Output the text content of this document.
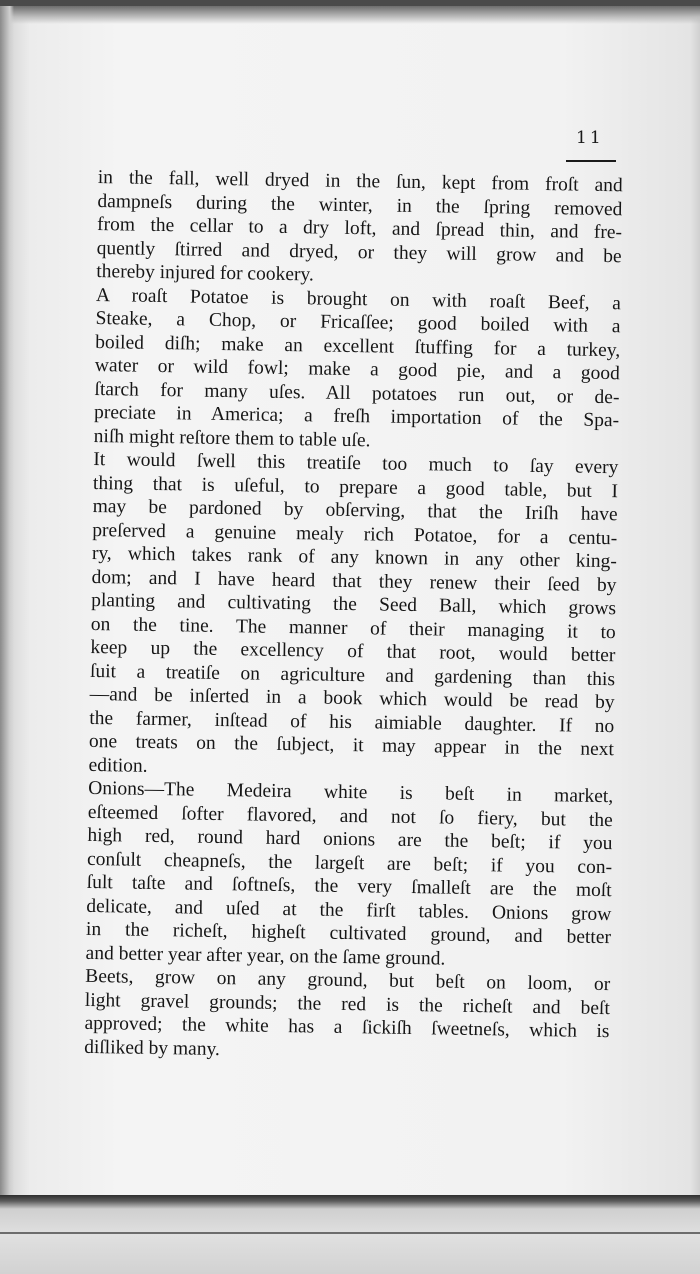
11
in the fall, well dryed in the ſun, kept from froſt and
dampneſs during the winter, in the ſpring removed
from the cellar to a dry loft, and ſpread thin, and fre-
quently ſtirred and dryed, or they will grow and be
thereby injured for cookery.
A roaſt Potatoe is brought on with roaſt Beef, a
Steake, a Chop, or Fricaſſee; good boiled with a
boiled diſh; make an excellent ſtuffing for a turkey,
water or wild fowl; make a good pie, and a good
ſtarch for many uſes. All potatoes run out, or de-
preciate in America; a freſh importation of the Spa-
niſh might reſtore them to table uſe.
It would ſwell this treatiſe too much to ſay every
thing that is uſeful, to prepare a good table, but I
may be pardoned by obſerving, that the Iriſh have
preſerved a genuine mealy rich Potatoe, for a centu-
ry, which takes rank of any known in any other king-
dom; and I have heard that they renew their ſeed by
planting and cultivating the Seed Ball, which grows
on the tine. The manner of their managing it to
keep up the excellency of that root, would better
ſuit a treatiſe on agriculture and gardening than this
—and be inſerted in a book which would be read by
the farmer, inſtead of his aimiable daughter. If no
one treats on the ſubject, it may appear in the next
edition.
Onions—The Medeira white is beſt in market,
eſteemed ſofter flavored, and not ſo fiery, but the
high red, round hard onions are the beſt; if you
conſult cheapneſs, the largeſt are beſt; if you con-
ſult taſte and ſoftneſs, the very ſmalleſt are the moſt
delicate, and uſed at the firſt tables. Onions grow
in the richeſt, higheſt cultivated ground, and better
and better year after year, on the ſame ground.
Beets, grow on any ground, but beſt on loom, or
light gravel grounds; the red is the richeſt and beſt
approved; the white has a ſickiſh ſweetneſs, which is
diſliked by many.
